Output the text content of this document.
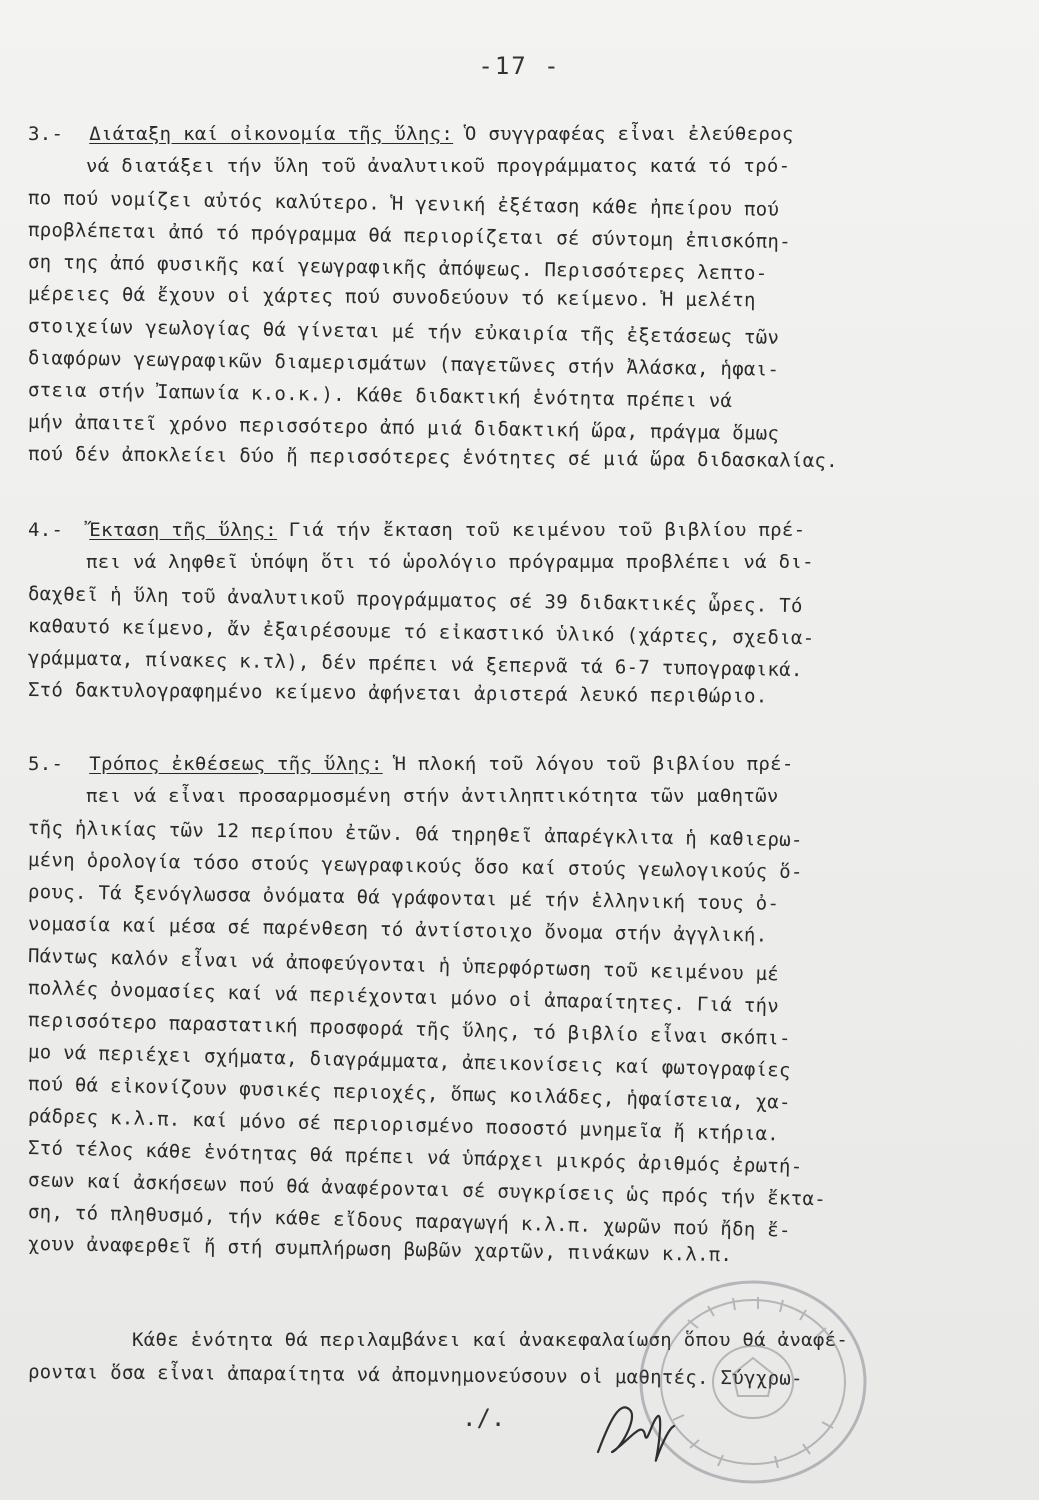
-17 -
3.- Διάταξη καί οἰκονομία τῆς ὕλης: Ὁ συγγραφέας εἶναι ἐλεύθερος
νά διατάξει τήν ὕλη τοῦ ἀναλυτικοῦ προγράμματος κατά τό τρό-
πο πού νομίζει αὐτός καλύτερο. Ἡ γενική ἐξέταση κάθε ἠπείρου πού
προβλέπεται ἀπό τό πρόγραμμα θά περιορίζεται σέ σύντομη ἐπισκόπη-
ση της ἀπό φυσικῆς καί γεωγραφικῆς ἀπόψεως. Περισσότερες λεπτο-
μέρειες θά ἔχουν οἱ χάρτες πού συνοδεύουν τό κείμενο. Ἡ μελέτη
στοιχείων γεωλογίας θά γίνεται μέ τήν εὐκαιρία τῆς ἐξετάσεως τῶν
διαφόρων γεωγραφικῶν διαμερισμάτων (παγετῶνες στήν Ἀλάσκα, ἡφαι-
στεια στήν Ἰαπωνία κ.ο.κ.). Κάθε διδακτική ἑνότητα πρέπει νά
μήν ἀπαιτεῖ χρόνο περισσότερο ἀπό μιά διδακτική ὥρα, πράγμα ὅμως
πού δέν ἀποκλείει δύο ἤ περισσότερες ἑνότητες σέ μιά ὥρα διδασκαλίας.
4.- Ἔκταση τῆς ὕλης: Γιά τήν ἔκταση τοῦ κειμένου τοῦ βιβλίου πρέ-
πει νά ληφθεῖ ὑπόψη ὅτι τό ὡρολόγιο πρόγραμμα προβλέπει νά δι-
δαχθεῖ ἡ ὕλη τοῦ ἀναλυτικοῦ προγράμματος σέ 39 διδακτικές ὧρες. Τό
καθαυτό κείμενο, ἄν ἐξαιρέσουμε τό εἰκαστικό ὑλικό (χάρτες, σχεδια-
γράμματα, πίνακες κ.τλ), δέν πρέπει νά ξεπερνᾶ τά 6-7 τυπογραφικά.
Στό δακτυλογραφημένο κείμενο ἀφήνεται ἀριστερά λευκό περιθώριο.
5.- Τρόπος ἐκθέσεως τῆς ὕλης: Ἡ πλοκή τοῦ λόγου τοῦ βιβλίου πρέ-
πει νά εἶναι προσαρμοσμένη στήν ἀντιληπτικότητα τῶν μαθητῶν
τῆς ἡλικίας τῶν 12 περίπου ἐτῶν. Θά τηρηθεῖ ἀπαρέγκλιτα ἡ καθιερω-
μένη ὁρολογία τόσο στούς γεωγραφικούς ὅσο καί στούς γεωλογικούς ὅ-
ρους. Τά ξενόγλωσσα ὀνόματα θά γράφονται μέ τήν ἑλληνική τους ὀ-
νομασία καί μέσα σέ παρένθεση τό ἀντίστοιχο ὄνομα στήν ἀγγλική.
Πάντως καλόν εἶναι νά ἀποφεύγονται ἡ ὑπερφόρτωση τοῦ κειμένου μέ
πολλές ὀνομασίες καί νά περιέχονται μόνο οἱ ἀπαραίτητες. Γιά τήν
περισσότερο παραστατική προσφορά τῆς ὕλης, τό βιβλίο εἶναι σκόπι-
μο νά περιέχει σχήματα, διαγράμματα, ἀπεικονίσεις καί φωτογραφίες
πού θά εἰκονίζουν φυσικές περιοχές, ὅπως κοιλάδες, ἡφαίστεια, χα-
ράδρες κ.λ.π. καί μόνο σέ περιορισμένο ποσοστό μνημεῖα ἤ κτήρια.
Στό τέλος κάθε ἑνότητας θά πρέπει νά ὑπάρχει μικρός ἀριθμός ἐρωτή-
σεων καί ἀσκήσεων πού θά ἀναφέρονται σέ συγκρίσεις ὡς πρός τήν ἔκτα-
ση, τό πληθυσμό, τήν κάθε εἴδους παραγωγή κ.λ.π. χωρῶν πού ἤδη ἔ-
χουν ἀναφερθεῖ ἤ στή συμπλήρωση βωβῶν χαρτῶν, πινάκων κ.λ.π.
Κάθε ἑνότητα θά περιλαμβάνει καί ἀνακεφαλαίωση ὅπου θά ἀναφέ-
ρονται ὅσα εἶναι ἀπαραίτητα νά ἀπομνημονεύσουν οἱ μαθητές. Σύγχρω-
./.
